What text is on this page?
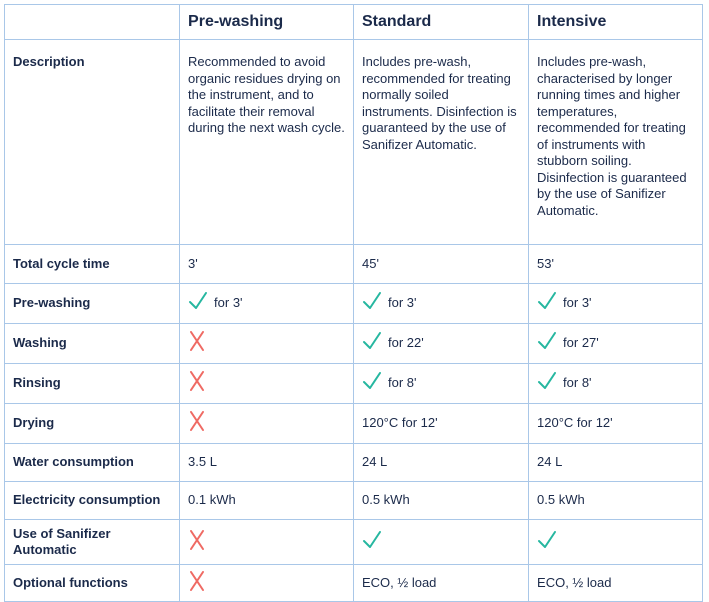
	Pre-washing	Standard	Intensive
Description	Recommended to avoid organic residues drying on the instrument, and to facilitate their removal during the next wash cycle.	Includes pre-wash, recommended for treating normally soiled instruments. Disinfection is guaranteed by the use of Sanifizer Automatic.	Includes pre-wash, characterised by longer running times and higher temperatures, recommended for treating of instruments with stubborn soiling. Disinfection is guaranteed by the use of Sanifizer Automatic.
Total cycle time	3'	45'	53'
Pre-washing	for 3'	for 3'	for 3'
Washing		for 22'	for 27'
Rinsing		for 8'	for 8'
Drying		120°C for 12'	120°C for 12'
Water consumption	3.5 L	24 L	24 L
Electricity consumption	0.1 kWh	0.5 kWh	0.5 kWh
Use of Sanifizer Automatic			
Optional functions		ECO, ½ load	ECO, ½ load
